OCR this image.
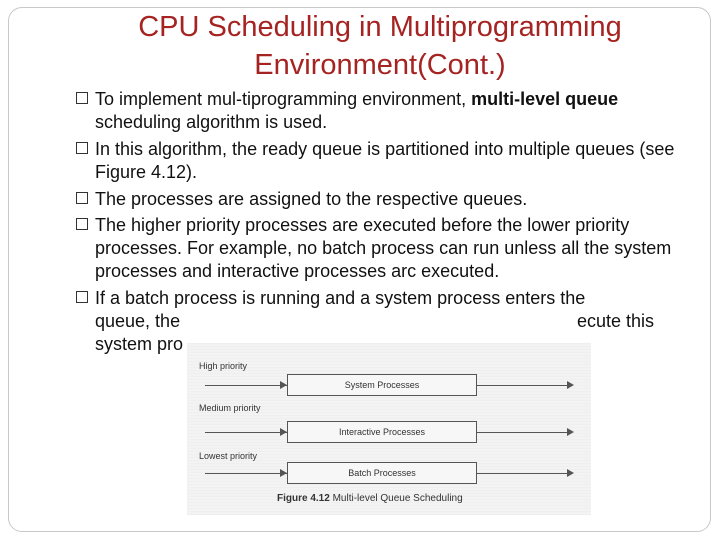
CPU Scheduling in Multiprogramming
Environment(Cont.)
To implement mul-tiprogramming environment, multi-level queue scheduling algorithm is used.
In this algorithm, the ready queue is partitioned into multiple queues (see Figure 4.12).
The processes are assigned to the respective queues.
The higher priority processes are executed before the lower priority processes. For example, no batch process can run unless all the system processes and interactive processes arc executed.
If a batch process is running and a system process enters the
queue, the	ecute this
system pro
High priority
Medium priority
Lowest priority
System Processes
Interactive Processes
Batch Processes
Figure 4.12 Multi-level Queue Scheduling
